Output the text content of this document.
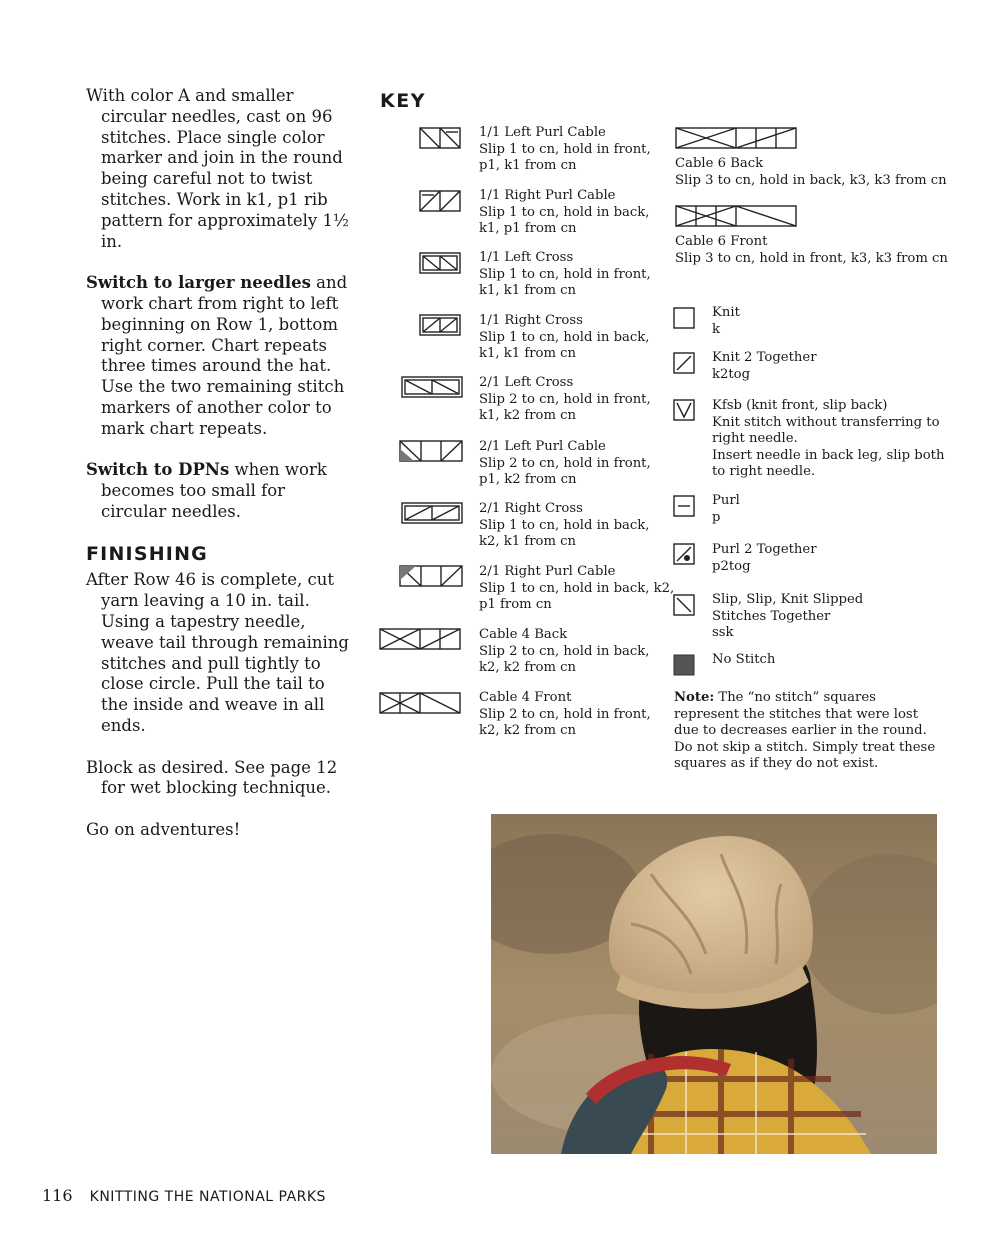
With color A and smaller circular needles, cast on 96 stitches. Place single color marker and join in the round being careful not to twist stitches. Work in k1, p1 rib pattern for approximately 1½ in.

Switch to larger needles and work chart from right to left beginning on Row 1, bottom right corner. Chart repeats three times around the hat. Use the two remaining stitch markers of another color to mark chart repeats.

Switch to DPNs when work becomes too small for circular needles.

FINISHING

After Row 46 is complete, cut yarn leaving a 10 in. tail. Using a tapestry needle, weave tail through remaining stitches and pull tightly to close circle. Pull the tail to the inside and weave in all ends.

Block as desired. See page 12 for wet blocking technique.

Go on adventures!

KEY
1/1 Left Purl Cable
Slip 1 to cn, hold in front,
p1, k1 from cn
1/1 Right Purl Cable
Slip 1 to cn, hold in back,
k1, p1 from cn
1/1 Left Cross
Slip 1 to cn, hold in front,
k1, k1 from cn
1/1 Right Cross
Slip 1 to cn, hold in back,
k1, k1 from cn
2/1 Left Cross
Slip 2 to cn, hold in front,
k1, k2 from cn
2/1 Left Purl Cable
Slip 2 to cn, hold in front,
p1, k2 from cn
2/1 Right Cross
Slip 1 to cn, hold in back,
k2, k1 from cn
2/1 Right Purl Cable
Slip 1 to cn, hold in back, k2,
p1 from cn
Cable 4 Back
Slip 2 to cn, hold in back,
k2, k2 from cn
Cable 4 Front
Slip 2 to cn, hold in front,
k2, k2 from cn
Cable 6 Back
Slip 3 to cn, hold in back, k3, k3 from cn
Cable 6 Front
Slip 3 to cn, hold in front, k3, k3 from cn
Knit
k
Knit 2 Together
k2tog
Kfsb (knit front, slip back)
Knit stitch without transferring to
right needle.
Insert needle in back leg, slip both
to right needle.
Purl
p
Purl 2 Together
p2tog
Slip, Slip, Knit Slipped
Stitches Together
ssk
No Stitch
Note: The “no stitch” squares represent the stitches that were lost due to decreases earlier in the round. Do not skip a stitch. Simply treat these squares as if they do not exist.
116 KNITTING THE NATIONAL PARKS
